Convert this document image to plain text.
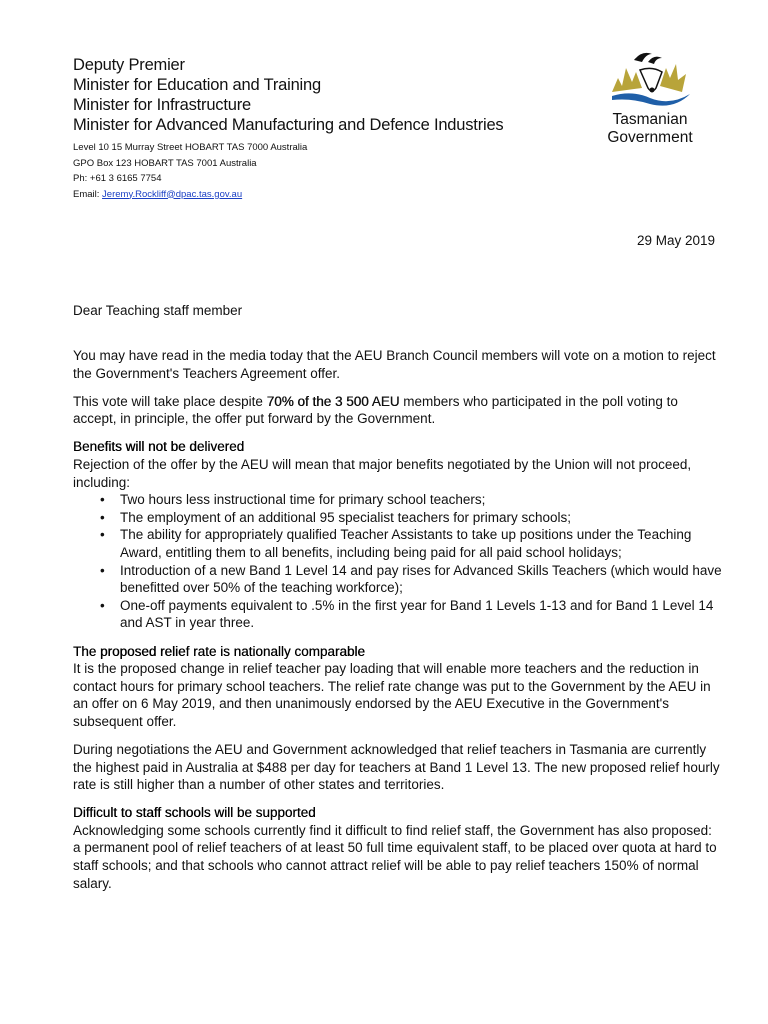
Deputy Premier
Minister for Education and Training
Minister for Infrastructure
Minister for Advanced Manufacturing and Defence Industries
Level 10 15 Murray Street HOBART TAS 7000 Australia
GPO Box 123 HOBART TAS 7001 Australia
Ph: +61 3 6165 7754
Email: Jeremy.Rockliff@dpac.tas.gov.au
Tasmanian
Government
29 May 2019

Dear Teaching staff member

You may have read in the media today that the AEU Branch Council members will vote on a motion to reject the Government's Teachers Agreement offer.

This vote will take place despite 70% of the 3 500 AEU members who participated in the poll voting to accept, in principle, the offer put forward by the Government.

Benefits will not be delivered
Rejection of the offer by the AEU will mean that major benefits negotiated by the Union will not proceed, including:
• Two hours less instructional time for primary school teachers;
• The employment of an additional 95 specialist teachers for primary schools;
• The ability for appropriately qualified Teacher Assistants to take up positions under the Teaching Award, entitling them to all benefits, including being paid for all paid school holidays;
• Introduction of a new Band 1 Level 14 and pay rises for Advanced Skills Teachers (which would have benefitted over 50% of the teaching workforce);
• One-off payments equivalent to .5% in the first year for Band 1 Levels 1-13 and for Band 1 Level 14 and AST in year three.
The proposed relief rate is nationally comparable

It is the proposed change in relief teacher pay loading that will enable more teachers and the reduction in contact hours for primary school teachers. The relief rate change was put to the Government by the AEU in an offer on 6 May 2019, and then unanimously endorsed by the AEU Executive in the Government's subsequent offer.

During negotiations the AEU and Government acknowledged that relief teachers in Tasmania are currently the highest paid in Australia at $488 per day for teachers at Band 1 Level 13. The new proposed relief hourly rate is still higher than a number of other states and territories.

Difficult to staff schools will be supported

Acknowledging some schools currently find it difficult to find relief staff, the Government has also proposed: a permanent pool of relief teachers of at least 50 full time equivalent staff, to be placed over quota at hard to staff schools; and that schools who cannot attract relief will be able to pay relief teachers 150% of normal salary.
